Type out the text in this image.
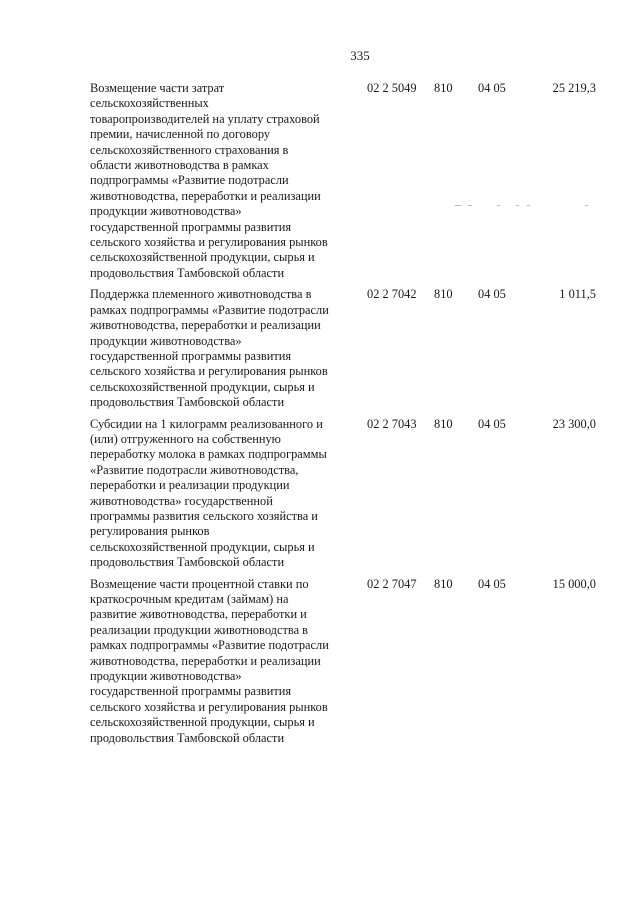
335
Возмещение части затрат
сельскохозяйственных
товаропроизводителей на уплату страховой
премии, начисленной по договору
сельскохозяйственного страхования в
области животноводства в рамках
подпрограммы «Развитие подотрасли
животноводства, переработки и реализации
продукции животноводства»
государственной программы развития
сельского хозяйства и регулирования рынков
сельскохозяйственной продукции, сырья и
продовольствия Тамбовской области
02 2 5049 810 04 05	25 219,3
Поддержка племенного животноводства в
рамках подпрограммы «Развитие подотрасли
животноводства, переработки и реализации
продукции животноводства»
государственной программы развития
сельского хозяйства и регулирования рынков
сельскохозяйственной продукции, сырья и
продовольствия Тамбовской области
02 2 7042 810 04 05	1 011,5
Субсидии на 1 килограмм реализованного и
(или) отгруженного на собственную
переработку молока в рамках подпрограммы
«Развитие подотрасли животноводства,
переработки и реализации продукции
животноводства» государственной
программы развития сельского хозяйства и
регулирования рынков
сельскохозяйственной продукции, сырья и
продовольствия Тамбовской области
02 2 7043 810 04 05	23 300,0
Возмещение части процентной ставки по
краткосрочным кредитам (займам) на
развитие животноводства, переработки и
реализации продукции животноводства в
рамках подпрограммы «Развитие подотрасли
животноводства, переработки и реализации
продукции животноводства»
государственной программы развития
сельского хозяйства и регулирования рынков
сельскохозяйственной продукции, сырья и
продовольствия Тамбовской области
02 2 7047 810 04 05	15 000,0
